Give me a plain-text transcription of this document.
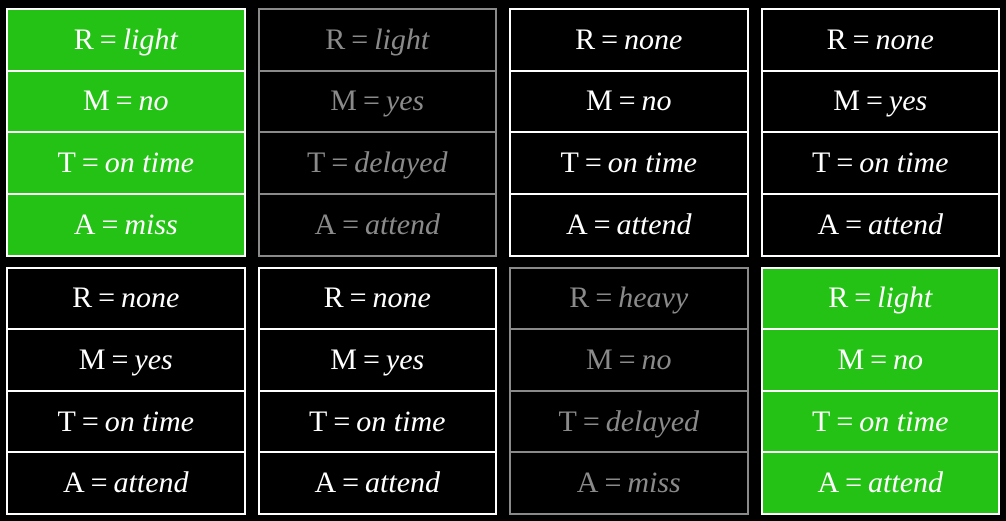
R = light
M = no
T = on time
A = miss
R = light
M = yes
T = delayed
A = attend
R = none
M = no
T = on time
A = attend
R = none
M = yes
T = on time
A = attend
R = none
M = yes
T = on time
A = attend
R = none
M = yes
T = on time
A = attend
R = heavy
M = no
T = delayed
A = miss
R = light
M = no
T = on time
A = attend
